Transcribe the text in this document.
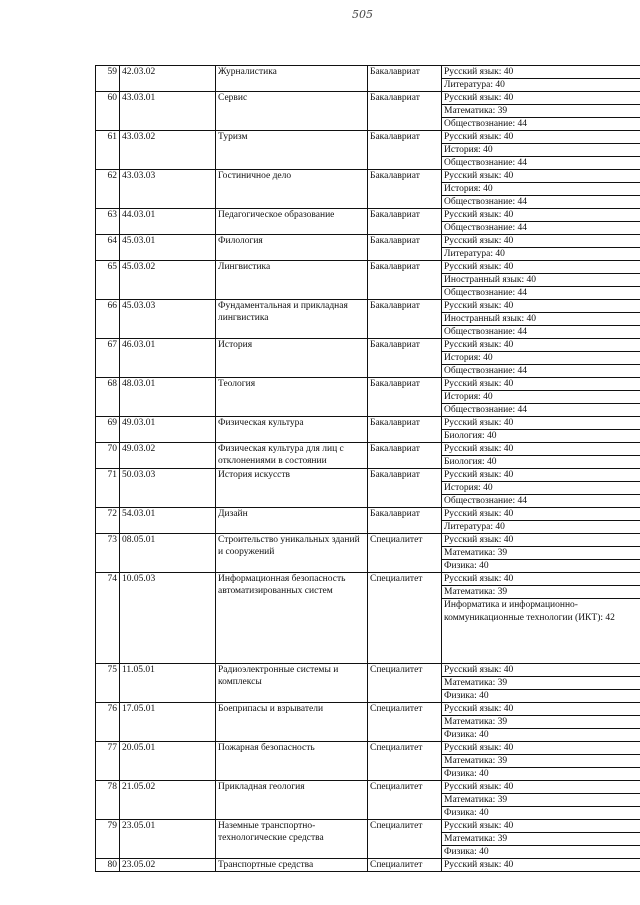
505
59	42.03.02	Журналистика	Бакалавриат	Русский язык: 40
				Литература: 40
60	43.03.01	Сервис	Бакалавриат	Русский язык: 40
				Математика: 39
				Обществознание: 44
61	43.03.02	Туризм	Бакалавриат	Русский язык: 40
				История: 40
				Обществознание: 44
62	43.03.03	Гостиничное дело	Бакалавриат	Русский язык: 40
				История: 40
				Обществознание: 44
63	44.03.01	Педагогическое образование	Бакалавриат	Русский язык: 40
				Обществознание: 44
64	45.03.01	Филология	Бакалавриат	Русский язык: 40
				Литература: 40
65	45.03.02	Лингвистика	Бакалавриат	Русский язык: 40
				Иностранный язык: 40
				Обществознание: 44
66	45.03.03	Фундаментальная и прикладная лингвистика	Бакалавриат	Русский язык: 40
				Иностранный язык: 40
				Обществознание: 44
67	46.03.01	История	Бакалавриат	Русский язык: 40
				История: 40
				Обществознание: 44
68	48.03.01	Теология	Бакалавриат	Русский язык: 40
				История: 40
				Обществознание: 44
69	49.03.01	Физическая культура	Бакалавриат	Русский язык: 40
				Биология: 40
70	49.03.02	Физическая культура для лиц с отклонениями в состоянии	Бакалавриат	Русский язык: 40
				Биология: 40
71	50.03.03	История искусств	Бакалавриат	Русский язык: 40
				История: 40
				Обществознание: 44
72	54.03.01	Дизайн	Бакалавриат	Русский язык: 40
				Литература: 40
73	08.05.01	Строительство уникальных зданий и сооружений	Специалитет	Русский язык: 40
				Математика: 39
				Физика: 40
74	10.05.03	Информационная безопасность автоматизированных систем	Специалитет	Русский язык: 40
				Математика: 39
				Информатика и информационно-коммуникационные технологии (ИКТ): 42
75	11.05.01	Радиоэлектронные системы и комплексы	Специалитет	Русский язык: 40
				Математика: 39
				Физика: 40
76	17.05.01	Боеприпасы и взрыватели	Специалитет	Русский язык: 40
				Математика: 39
				Физика: 40
77	20.05.01	Пожарная безопасность	Специалитет	Русский язык: 40
				Математика: 39
				Физика: 40
78	21.05.02	Прикладная геология	Специалитет	Русский язык: 40
				Математика: 39
				Физика: 40
79	23.05.01	Наземные транспортно-технологические средства	Специалитет	Русский язык: 40
				Математика: 39
				Физика: 40
80	23.05.02	Транспортные средства	Специалитет	Русский язык: 40
